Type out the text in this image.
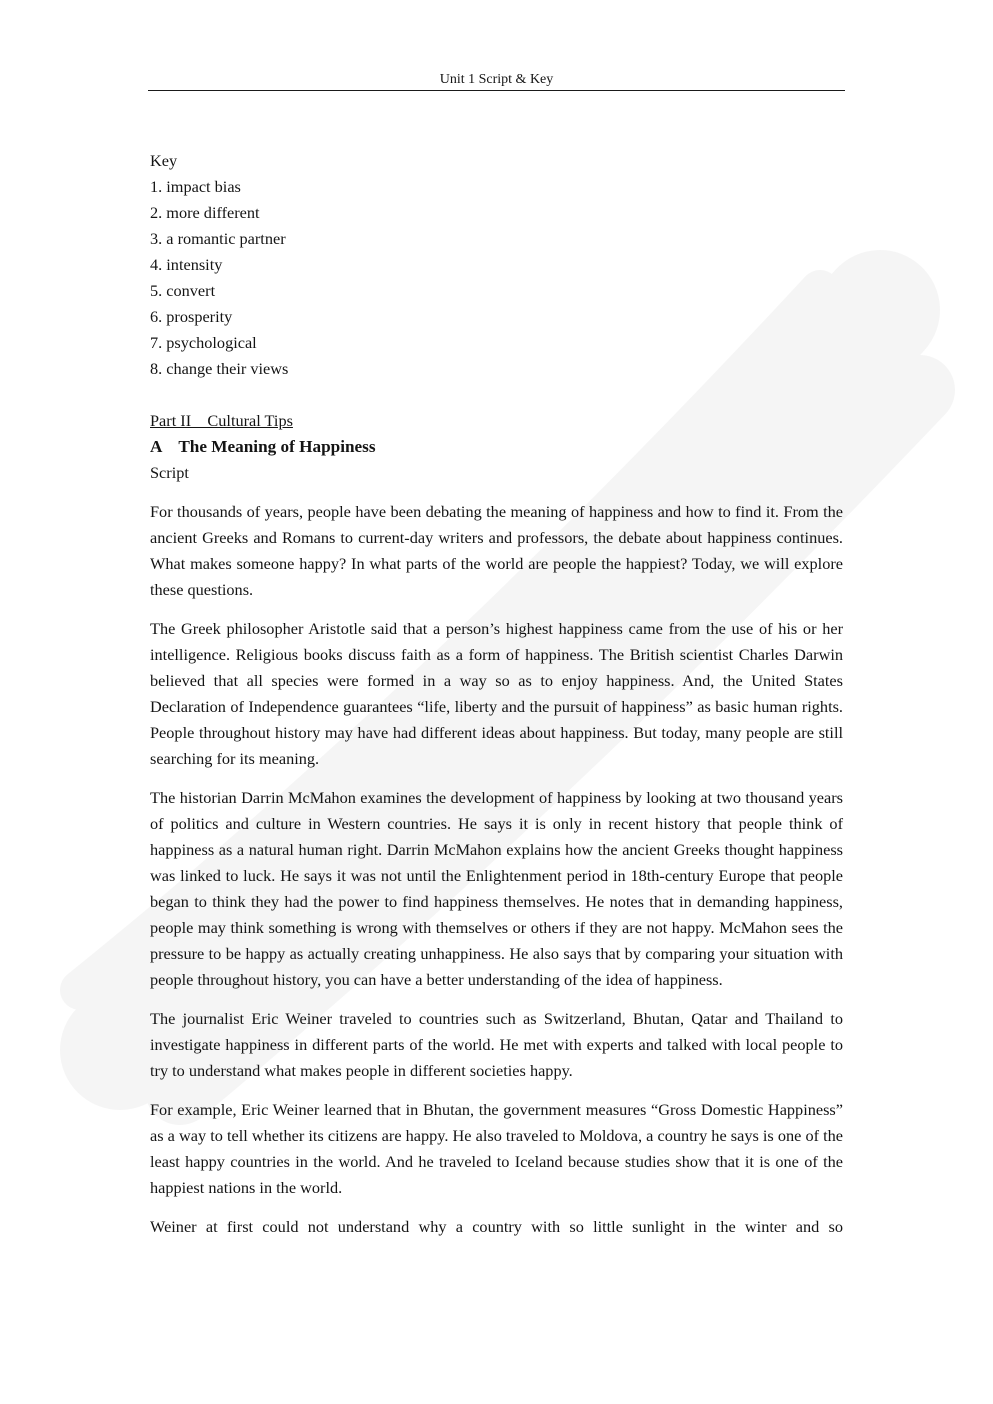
Unit 1 Script & Key
Key
1. impact bias
2. more different
3. a romantic partner
4. intensity
5. convert
6. prosperity
7. psychological
8. change their views
Part II    Cultural Tips
A    The Meaning of Happiness
Script

For thousands of years, people have been debating the meaning of happiness and how to find it. From the ancient Greeks and Romans to current-day writers and professors, the debate about happiness continues. What makes someone happy? In what parts of the world are people the happiest? Today, we will explore these questions.

The Greek philosopher Aristotle said that a person’s highest happiness came from the use of his or her intelligence. Religious books discuss faith as a form of happiness. The British scientist Charles Darwin believed that all species were formed in a way so as to enjoy happiness. And, the United States Declaration of Independence guarantees “life, liberty and the pursuit of happiness” as basic human rights. People throughout history may have had different ideas about happiness. But today, many people are still searching for its meaning.

The historian Darrin McMahon examines the development of happiness by looking at two thousand years of politics and culture in Western countries. He says it is only in recent history that people think of happiness as a natural human right. Darrin McMahon explains how the ancient Greeks thought happiness was linked to luck. He says it was not until the Enlightenment period in 18th-century Europe that people began to think they had the power to find happiness themselves. He notes that in demanding happiness, people may think something is wrong with themselves or others if they are not happy. McMahon sees the pressure to be happy as actually creating unhappiness. He also says that by comparing your situation with people throughout history, you can have a better understanding of the idea of happiness.

The journalist Eric Weiner traveled to countries such as Switzerland, Bhutan, Qatar and Thailand to investigate happiness in different parts of the world. He met with experts and talked with local people to try to understand what makes people in different societies happy.

For example, Eric Weiner learned that in Bhutan, the government measures “Gross Domestic Happiness” as a way to tell whether its citizens are happy. He also traveled to Moldova, a country he says is one of the least happy countries in the world. And he traveled to Iceland because studies show that it is one of the happiest nations in the world.

Weiner at first could not understand why a country with so little sunlight in the winter and so
